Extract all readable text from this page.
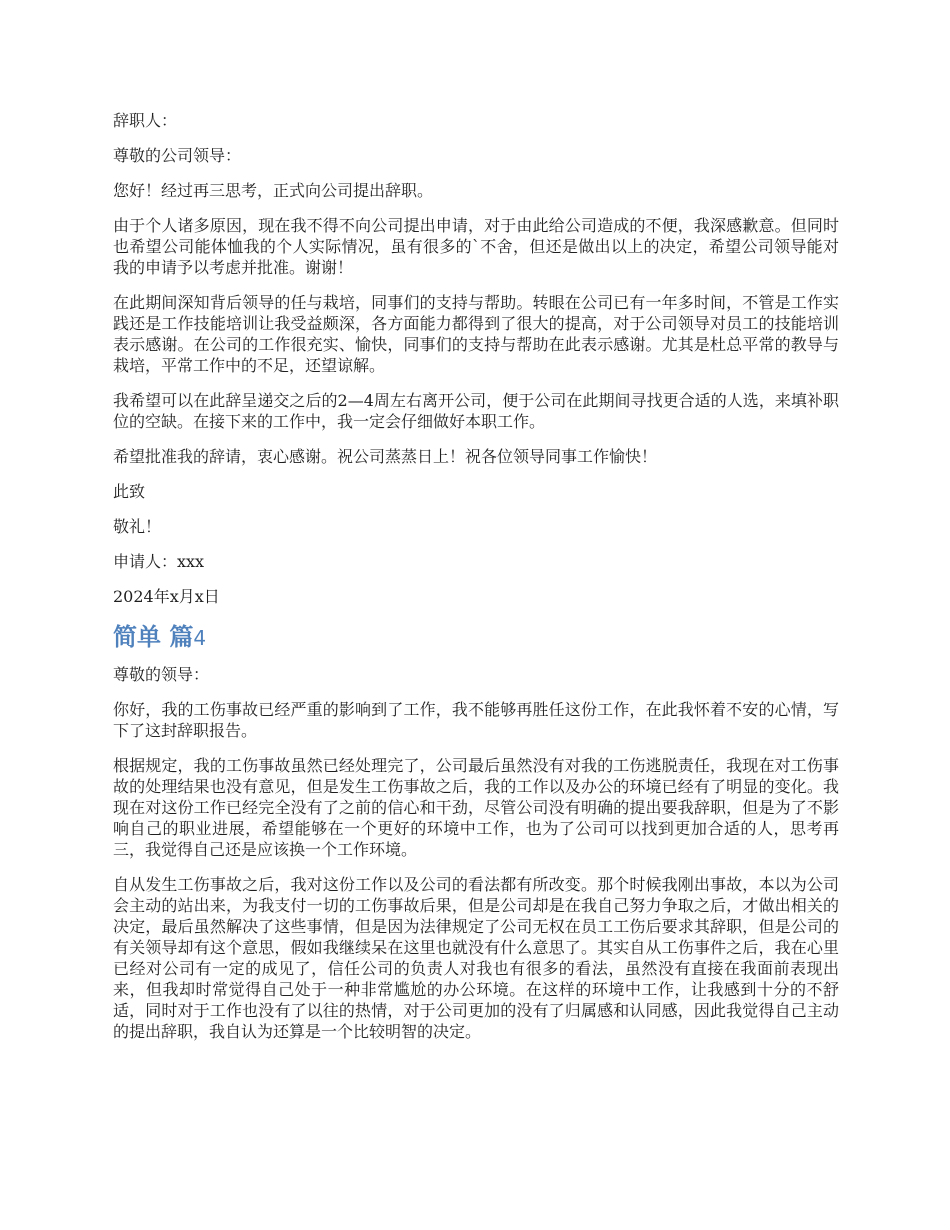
辞职人：

尊敬的公司领导：

您好！经过再三思考，正式向公司提出辞职。

由于个人诸多原因，现在我不得不向公司提出申请，对于由此给公司造成的不便，我深感歉意。但同时也希望公司能体恤我的个人实际情况，虽有很多的`不舍，但还是做出以上的决定，希望公司领导能对我的申请予以考虑并批准。谢谢！

在此期间深知背后领导的任与栽培，同事们的支持与帮助。转眼在公司已有一年多时间，不管是工作实践还是工作技能培训让我受益颇深，各方面能力都得到了很大的提高，对于公司领导对员工的技能培训表示感谢。在公司的工作很充实、愉快，同事们的支持与帮助在此表示感谢。尤其是杜总平常的教导与栽培，平常工作中的不足，还望谅解。

我希望可以在此辞呈递交之后的2—4周左右离开公司，便于公司在此期间寻找更合适的人选，来填补职位的空缺。在接下来的工作中，我一定会仔细做好本职工作。

希望批准我的辞请，衷心感谢。祝公司蒸蒸日上！祝各位领导同事工作愉快！

此致

敬礼！

申请人：xxx

2024年x月x日

简单 篇4

尊敬的领导：

你好，我的工伤事故已经严重的影响到了工作，我不能够再胜任这份工作，在此我怀着不安的心情，写下了这封辞职报告。

根据规定，我的工伤事故虽然已经处理完了，公司最后虽然没有对我的工伤逃脱责任，我现在对工伤事故的处理结果也没有意见，但是发生工伤事故之后，我的工作以及办公的环境已经有了明显的变化。我现在对这份工作已经完全没有了之前的信心和干劲，尽管公司没有明确的提出要我辞职，但是为了不影响自己的职业进展，希望能够在一个更好的环境中工作，也为了公司可以找到更加合适的人，思考再三，我觉得自己还是应该换一个工作环境。

自从发生工伤事故之后，我对这份工作以及公司的看法都有所改变。那个时候我刚出事故，本以为公司会主动的站出来，为我支付一切的工伤事故后果，但是公司却是在我自己努力争取之后，才做出相关的决定，最后虽然解决了这些事情，但是因为法律规定了公司无权在员工工伤后要求其辞职，但是公司的有关领导却有这个意思，假如我继续呆在这里也就没有什么意思了。其实自从工伤事件之后，我在心里已经对公司有一定的成见了，信任公司的负责人对我也有很多的看法，虽然没有直接在我面前表现出来，但我却时常觉得自己处于一种非常尴尬的办公环境。在这样的环境中工作，让我感到十分的不舒适，同时对于工作也没有了以往的热情，对于公司更加的没有了归属感和认同感，因此我觉得自己主动的提出辞职，我自认为还算是一个比较明智的决定。
